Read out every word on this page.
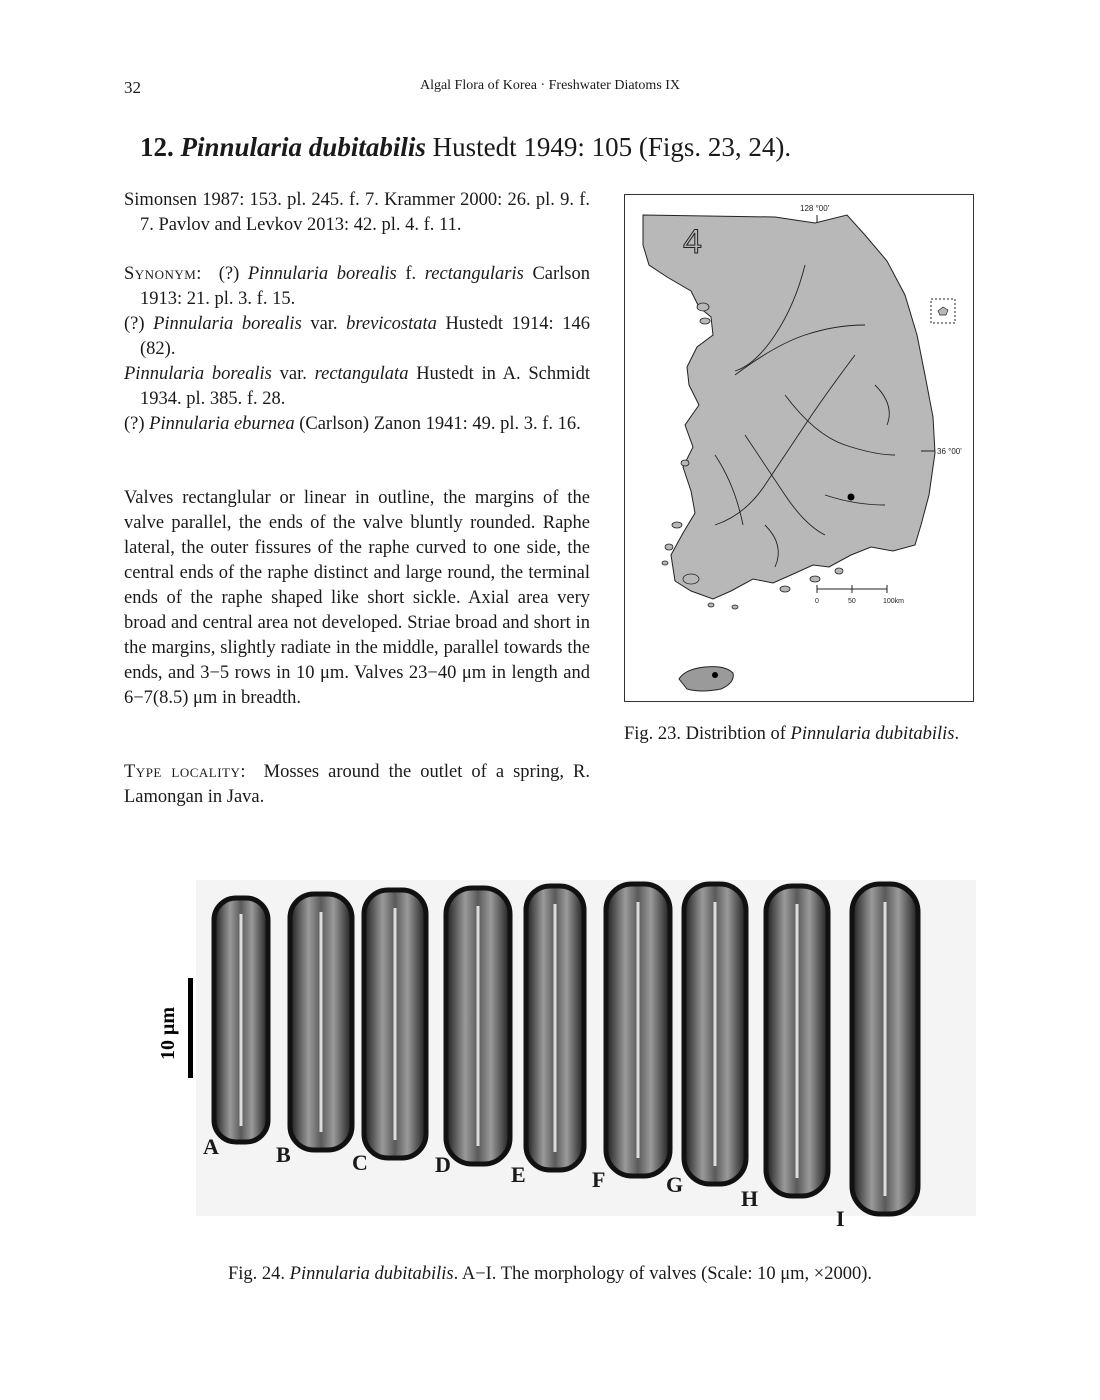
32	Algal Flora of Korea · Freshwater Diatoms IX
12. Pinnularia dubitabilis Hustedt 1949: 105 (Figs. 23, 24).

Simonsen 1987: 153. pl. 245. f. 7. Krammer 2000: 26. pl. 9. f. 7. Pavlov and Levkov 2013: 42. pl. 4. f. 11.

Synonym:  (?) Pinnularia borealis f. rectangularis Carlson 1913: 21. pl. 3. f. 15.

(?) Pinnularia borealis var. brevicostata Hustedt 1914: 146 (82).

Pinnularia borealis var. rectangulata Hustedt in A. Schmidt 1934. pl. 385. f. 28.

(?) Pinnularia eburnea (Carlson) Zanon 1941: 49. pl. 3. f. 16.

Valves rectanglular or linear in outline, the margins of the valve parallel, the ends of the valve bluntly rounded. Raphe lateral, the outer fissures of the raphe curved to one side, the central ends of the raphe distinct and large round, the terminal ends of the raphe shaped like short sickle. Axial area very broad and central area not developed. Striae broad and short in the margins, slightly radiate in the middle, parallel towards the ends, and 3−5 rows in 10 μm. Valves 23−40 μm in length and 6−7(8.5) μm in breadth.
Type locality:  Mosses around the outlet of a spring, R. Lamongan in Java.
128 °00'
4
36 °00'
0	50	100km
Fig. 23. Distribtion of Pinnularia dubitabilis.
10 μm
A	B	C	D	E	F	G
H
I
Fig. 24. Pinnularia dubitabilis. A−I. The morphology of valves (Scale: 10 μm, ×2000).
